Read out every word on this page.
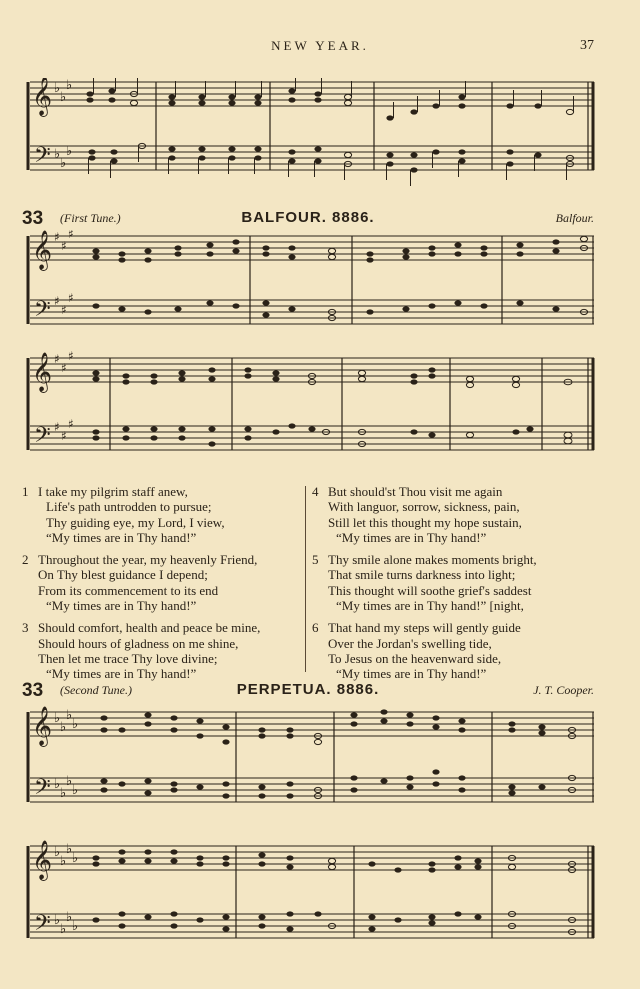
NEW YEAR.	37
𝄞
𝄢
♭
♭
♭
♭
♭
♭
33 (First Tune.)	BALFOUR. 8886.	Balfour.
𝄞
𝄢
♯
♯
♯
♯
♯
♯
𝄞
𝄢
♯
♯
♯
♯
♯
♯
1 I take my pilgrim staff anew,
Life's path untrodden to pursue;
Thy guiding eye, my Lord, I view,
“My times are in Thy hand!”
2 Throughout the year, my heavenly Friend,
On Thy blest guidance I depend;
From its commencement to its end
“My times are in Thy hand!”
3 Should comfort, health and peace be mine,
Should hours of gladness on me shine,
Then let me trace Thy love divine;
“My times are in Thy hand!”
4 But should'st Thou visit me again
With languor, sorrow, sickness, pain,
Still let this thought my hope sustain,
“My times are in Thy hand!”
5 Thy smile alone makes moments bright,
That smile turns darkness into light;
This thought will soothe grief's saddest
“My times are in Thy hand!” [night,
6 That hand my steps will gently guide
Over the Jordan's swelling tide,
To Jesus on the heavenward side,
“My times are in Thy hand!”
33 (Second Tune.)	PERPETUA. 8886.	J. T. Cooper.
𝄞
𝄢
♭
♭
♭
♭
♭
♭
♭
♭
𝄞
𝄢
♭
♭
♭
♭
♭
♭
♭
♭
